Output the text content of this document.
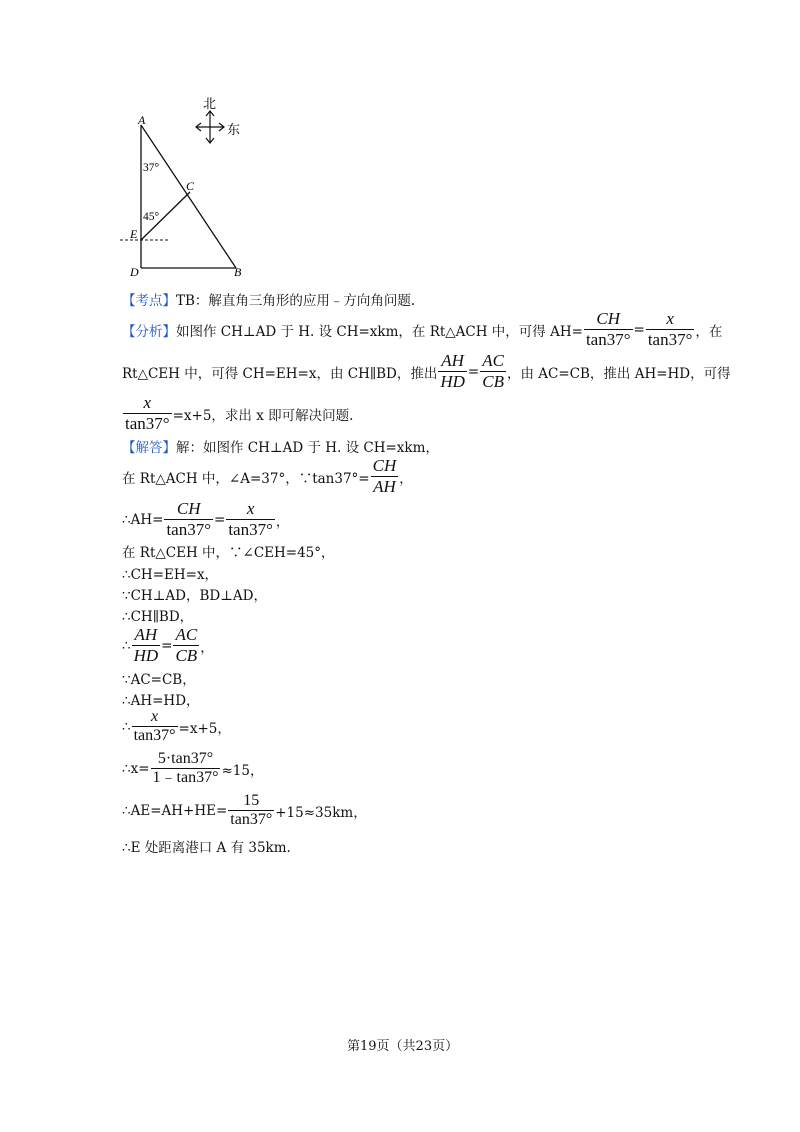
A
C
E
D	B
37°
45°
北
东
【考点】TB：解直角三角形的应用﹣方向角问题.
【分析】 如图作 CH⊥AD 于 H. 设 CH=xkm，在 Rt△ACH 中，可得 $AH= \frac{CH}{\tan 37^\circ} = \frac{x}{\tan 37^\circ}$ ，在
Rt△CEH 中，可得 CH=EH=x，由 CH∥BD，推出 $\frac{AH}{HD} = \frac{AC}{CB}$ ，由 AC=CB，推出 AH=HD，可得
$\frac{x}{\tan 37^\circ} =x+5$，求出 x 即可解决问题.
【解答】解：如图作 CH⊥AD 于 H. 设 CH=xkm，
在 Rt△ACH 中，∠A=37°，∵tan37°= $\frac{CH}{AH}$ ，
∴AH= $\frac{CH}{\tan 37^\circ} = \frac{x}{\tan 37^\circ}$ ，
在 Rt△CEH 中，∵∠CEH=45°，
∴CH=EH=x，
∵CH⊥AD，BD⊥AD，
∴CH∥BD，
∴ $\frac{AH}{HD} = \frac{AC}{CB}$ ，
∵AC=CB，
∴AH=HD，
∴ $\frac{x}{\tan 37^\circ} =x+5$，
∴x= $\frac{5\cdot\tan 37^\circ}{1﹣\tan 37^\circ} \approx 15$，
∴AE=AH+HE= $\frac{15}{\tan 37^\circ} +15\approx 35km$，
∴E 处距离港口 A 有 35km.
第19页（共23页）
